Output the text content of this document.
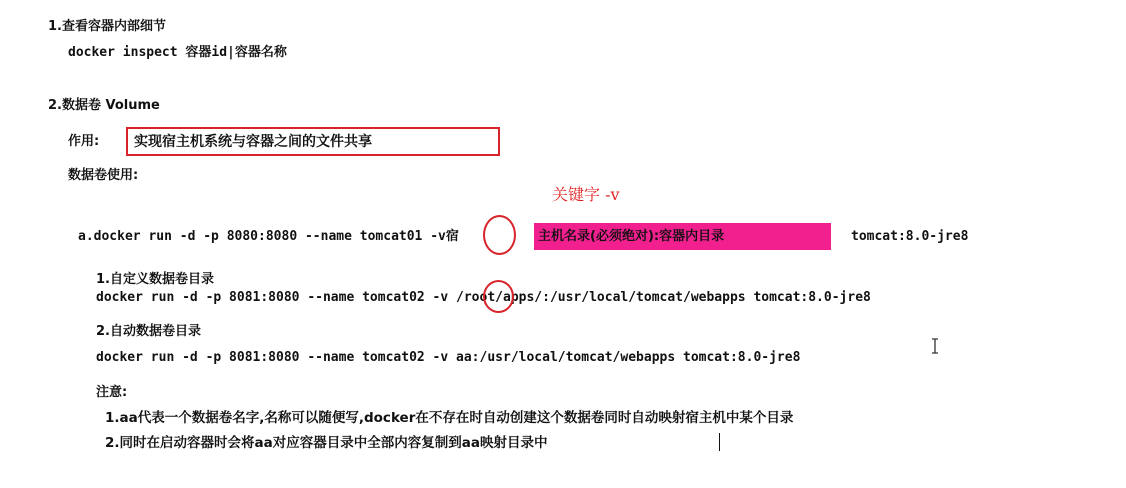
1.查看容器内部细节
docker inspect 容器id|容器名称
2.数据卷 Volume
作用: 实现宿主机系统与容器之间的文件共享
数据卷使用:
关键字 -v
a.docker run -d -p 8080:8080 --name tomcat01 -v宿	主机名录(必须绝对):容器内目录	tomcat:8.0-jre8
1.自定义数据卷目录
docker run -d -p 8081:8080 --name tomcat02 -v /root/apps/:/usr/local/tomcat/webapps tomcat:8.0-jre8
2.自动数据卷目录
docker run -d -p 8081:8080 --name tomcat02 -v aa:/usr/local/tomcat/webapps tomcat:8.0-jre8
注意:
1.aa代表一个数据卷名字,名称可以随便写,docker在不存在时自动创建这个数据卷同时自动映射宿主机中某个目录
2.同时在启动容器时会将aa对应容器目录中全部内容复制到aa映射目录中
